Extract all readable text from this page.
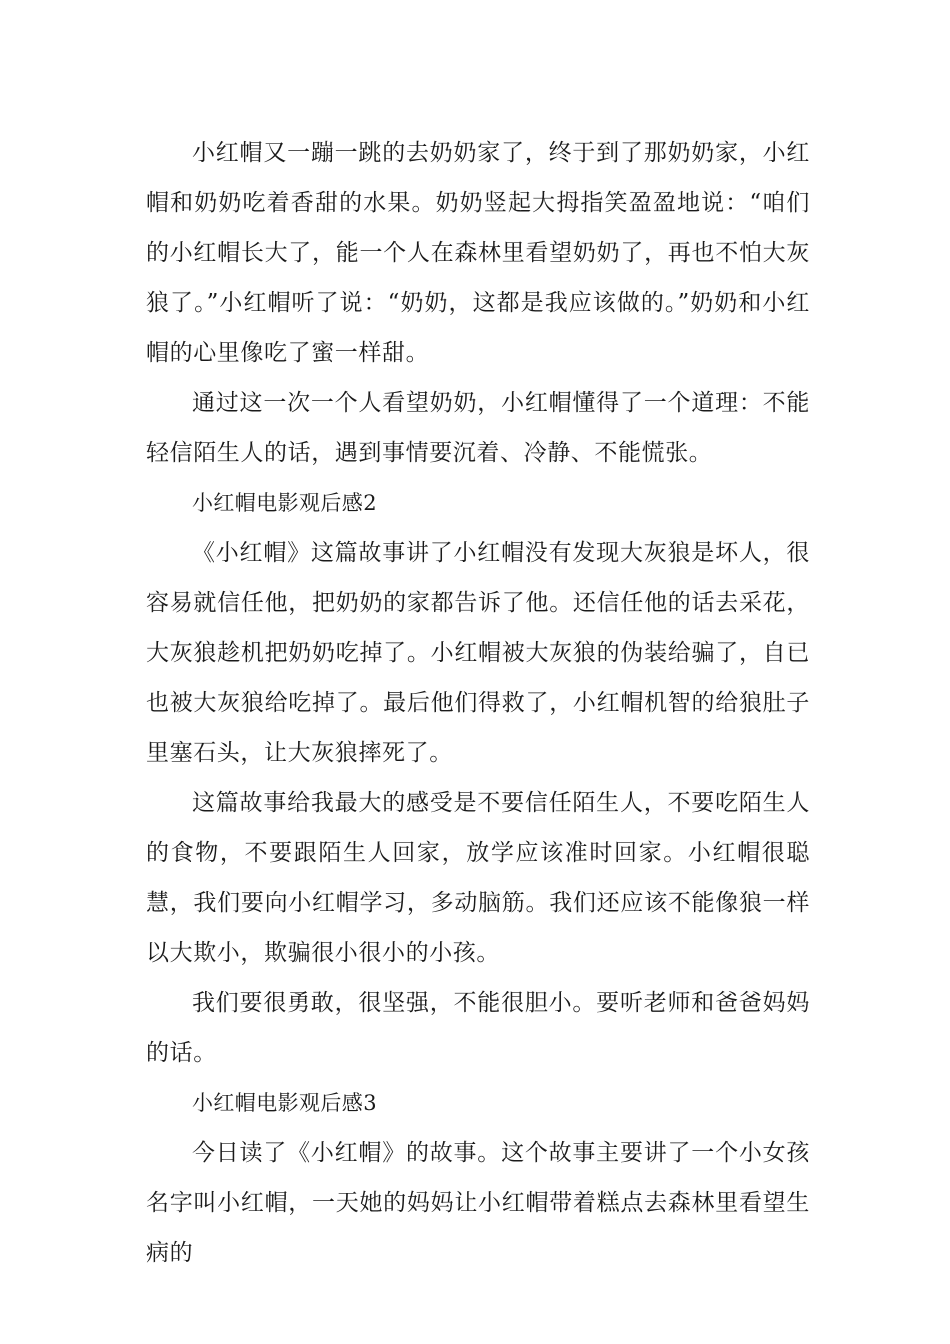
小红帽又一蹦一跳的去奶奶家了，终于到了那奶奶家，小红帽和奶奶吃着香甜的水果。奶奶竖起大拇指笑盈盈地说：“咱们的小红帽长大了，能一个人在森林里看望奶奶了，再也不怕大灰狼了。”小红帽听了说：“奶奶，这都是我应该做的。”奶奶和小红帽的心里像吃了蜜一样甜。

通过这一次一个人看望奶奶，小红帽懂得了一个道理：不能轻信陌生人的话，遇到事情要沉着、冷静、不能慌张。

小红帽电影观后感2

《小红帽》这篇故事讲了小红帽没有发现大灰狼是坏人，很容易就信任他，把奶奶的家都告诉了他。还信任他的话去采花，大灰狼趁机把奶奶吃掉了。小红帽被大灰狼的伪装给骗了，自已也被大灰狼给吃掉了。最后他们得救了，小红帽机智的给狼肚子里塞石头，让大灰狼摔死了。

这篇故事给我最大的感受是不要信任陌生人，不要吃陌生人的食物，不要跟陌生人回家，放学应该准时回家。小红帽很聪慧，我们要向小红帽学习，多动脑筋。我们还应该不能像狼一样以大欺小，欺骗很小很小的小孩。

我们要很勇敢，很坚强，不能很胆小。要听老师和爸爸妈妈的话。

小红帽电影观后感3

今日读了《小红帽》的故事。这个故事主要讲了一个小女孩名字叫小红帽，一天她的妈妈让小红帽带着糕点去森林里看望生病的
